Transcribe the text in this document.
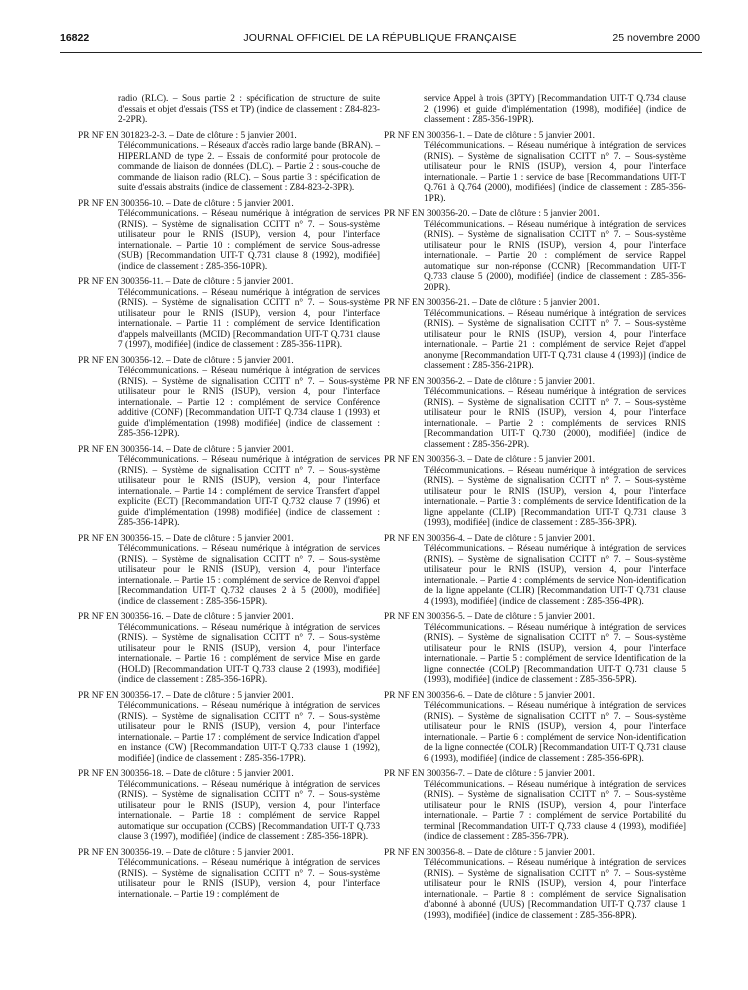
16822	JOURNAL OFFICIEL DE LA RÉPUBLIQUE FRANÇAISE	25 novembre 2000
radio (RLC). – Sous partie 2 : spécification de structure de suite d'essais et objet d'essais (TSS et TP) (indice de classement : Z84-823-2-2PR).
PR NF EN 301823-2-3. – Date de clôture : 5 janvier 2001.
Télécommunications. – Réseaux d'accès radio large bande (BRAN). – HIPERLAND de type 2. – Essais de conformité pour protocole de commande de liaison de données (DLC). – Partie 2 : sous-couche de commande de liaison radio (RLC). – Sous partie 3 : spécification de suite d'essais abstraits (indice de classement : Z84-823-2-3PR).
PR NF EN 300356-10. – Date de clôture : 5 janvier 2001.
Télécommunications. – Réseau numérique à intégration de services (RNIS). – Système de signalisation CCITT n° 7. – Sous-système utilisateur pour le RNIS (ISUP), version 4, pour l'interface internationale. – Partie 10 : complément de service Sous-adresse (SUB) [Recommandation UIT-T Q.731 clause 8 (1992), modifiée] (indice de classement : Z85-356-10PR).
PR NF EN 300356-11. – Date de clôture : 5 janvier 2001.
Télécommunications. – Réseau numérique à intégration de services (RNIS). – Système de signalisation CCITT n° 7. – Sous-système utilisateur pour le RNIS (ISUP), version 4, pour l'interface internationale. – Partie 11 : complément de service Identification d'appels malveillants (MCID) [Recommandation UIT-T Q.731 clause 7 (1997), modifiée] (indice de classement : Z85-356-11PR).
PR NF EN 300356-12. – Date de clôture : 5 janvier 2001.
Télécommunications. – Réseau numérique à intégration de services (RNIS). – Système de signalisation CCITT n° 7. – Sous-système utilisateur pour le RNIS (ISUP), version 4, pour l'interface internationale. – Partie 12 : complément de service Conférence additive (CONF) [Recommandation UIT-T Q.734 clause 1 (1993) et guide d'implémentation (1998) modifiée] (indice de classement : Z85-356-12PR).
PR NF EN 300356-14. – Date de clôture : 5 janvier 2001.
Télécommunications. – Réseau numérique à intégration de services (RNIS). – Système de signalisation CCITT n° 7. – Sous-système utilisateur pour le RNIS (ISUP), version 4, pour l'interface internationale. – Partie 14 : complément de service Transfert d'appel explicite (ECT) [Recommandation UIT-T Q.732 clause 7 (1996) et guide d'implémentation (1998) modifiée] (indice de classement : Z85-356-14PR).
PR NF EN 300356-15. – Date de clôture : 5 janvier 2001.
Télécommunications. – Réseau numérique à intégration de services (RNIS). – Système de signalisation CCITT n° 7. – Sous-système utilisateur pour le RNIS (ISUP), version 4, pour l'interface internationale. – Partie 15 : complément de service de Renvoi d'appel [Recommandation UIT-T Q.732 clauses 2 à 5 (2000), modifiée] (indice de classement : Z85-356-15PR).
PR NF EN 300356-16. – Date de clôture : 5 janvier 2001.
Télécommunications. – Réseau numérique à intégration de services (RNIS). – Système de signalisation CCITT n° 7. – Sous-système utilisateur pour le RNIS (ISUP), version 4, pour l'interface internationale. – Partie 16 : complément de service Mise en garde (HOLD) [Recommandation UIT-T Q.733 clause 2 (1993), modifiée] (indice de classement : Z85-356-16PR).
PR NF EN 300356-17. – Date de clôture : 5 janvier 2001.
Télécommunications. – Réseau numérique à intégration de services (RNIS). – Système de signalisation CCITT n° 7. – Sous-système utilisateur pour le RNIS (ISUP), version 4, pour l'interface internationale. – Partie 17 : complément de service Indication d'appel en instance (CW) [Recommandation UIT-T Q.733 clause 1 (1992), modifiée] (indice de classement : Z85-356-17PR).
PR NF EN 300356-18. – Date de clôture : 5 janvier 2001.
Télécommunications. – Réseau numérique à intégration de services (RNIS). – Système de signalisation CCITT n° 7. – Sous-système utilisateur pour le RNIS (ISUP), version 4, pour l'interface internationale. – Partie 18 : complément de service Rappel automatique sur occupation (CCBS) [Recommandation UIT-T Q.733 clause 3 (1997), modifiée] (indice de classement : Z85-356-18PR).
PR NF EN 300356-19. – Date de clôture : 5 janvier 2001.
Télécommunications. – Réseau numérique à intégration de services (RNIS). – Système de signalisation CCITT n° 7. – Sous-système utilisateur pour le RNIS (ISUP), version 4, pour l'interface internationale. – Partie 19 : complément de
service Appel à trois (3PTY) [Recommandation UIT-T Q.734 clause 2 (1996) et guide d'implémentation (1998), modifiée] (indice de classement : Z85-356-19PR).
PR NF EN 300356-1. – Date de clôture : 5 janvier 2001.
Télécommunications. – Réseau numérique à intégration de services (RNIS). – Système de signalisation CCITT n° 7. – Sous-système utilisateur pour le RNIS (ISUP), version 4, pour l'interface internationale. – Partie 1 : service de base [Recommandations UIT-T Q.761 à Q.764 (2000), modifiées] (indice de classement : Z85-356-1PR).
PR NF EN 300356-20. – Date de clôture : 5 janvier 2001.
Télécommunications. – Réseau numérique à intégration de services (RNIS). – Système de signalisation CCITT n° 7. – Sous-système utilisateur pour le RNIS (ISUP), version 4, pour l'interface internationale. – Partie 20 : complément de service Rappel automatique sur non-réponse (CCNR) [Recommandation UIT-T Q.733 clause 5 (2000), modifiée] (indice de classement : Z85-356-20PR).
PR NF EN 300356-21. – Date de clôture : 5 janvier 2001.
Télécommunications. – Réseau numérique à intégration de services (RNIS). – Système de signalisation CCITT n° 7. – Sous-système utilisateur pour le RNIS (ISUP), version 4, pour l'interface internationale. – Partie 21 : complément de service Rejet d'appel anonyme [Recommandation UIT-T Q.731 clause 4 (1993)] (indice de classement : Z85-356-21PR).
PR NF EN 300356-2. – Date de clôture : 5 janvier 2001.
Télécommunications. – Réseau numérique à intégration de services (RNIS). – Système de signalisation CCITT n° 7. – Sous-système utilisateur pour le RNIS (ISUP), version 4, pour l'interface internationale. – Partie 2 : compléments de services RNIS [Recommandation UIT-T Q.730 (2000), modifiée] (indice de classement : Z85-356-2PR).
PR NF EN 300356-3. – Date de clôture : 5 janvier 2001.
Télécommunications. – Réseau numérique à intégration de services (RNIS). – Système de signalisation CCITT n° 7. – Sous-système utilisateur pour le RNIS (ISUP), version 4, pour l'interface internationale. – Partie 3 : compléments de service Identification de la ligne appelante (CLIP) [Recommandation UIT-T Q.731 clause 3 (1993), modifiée] (indice de classement : Z85-356-3PR).
PR NF EN 300356-4. – Date de clôture : 5 janvier 2001.
Télécommunications. – Réseau numérique à intégration de services (RNIS). – Système de signalisation CCITT n° 7. – Sous-système utilisateur pour le RNIS (ISUP), version 4, pour l'interface internationale. – Partie 4 : compléments de service Non-identification de la ligne appelante (CLIR) [Recommandation UIT-T Q.731 clause 4 (1993), modifiée] (indice de classement : Z85-356-4PR).
PR NF EN 300356-5. – Date de clôture : 5 janvier 2001.
Télécommunications. – Réseau numérique à intégration de services (RNIS). – Système de signalisation CCITT n° 7. – Sous-système utilisateur pour le RNIS (ISUP), version 4, pour l'interface internationale. – Partie 5 : complément de service Identification de la ligne connectée (COLP) [Recommandation UIT-T Q.731 clause 5 (1993), modifiée] (indice de classement : Z85-356-5PR).
PR NF EN 300356-6. – Date de clôture : 5 janvier 2001.
Télécommunications. – Réseau numérique à intégration de services (RNIS). – Système de signalisation CCITT n° 7. – Sous-système utilisateur pour le RNIS (ISUP), version 4, pour l'interface internationale. – Partie 6 : complément de service Non-identification de la ligne connectée (COLR) [Recommandation UIT-T Q.731 clause 6 (1993), modifiée] (indice de classement : Z85-356-6PR).
PR NF EN 300356-7. – Date de clôture : 5 janvier 2001.
Télécommunications. – Réseau numérique à intégration de services (RNIS). – Système de signalisation CCITT n° 7. – Sous-système utilisateur pour le RNIS (ISUP), version 4, pour l'interface internationale. – Partie 7 : complément de service Portabilité du terminal [Recommandation UIT-T Q.733 clause 4 (1993), modifiée] (indice de classement : Z85-356-7PR).
PR NF EN 300356-8. – Date de clôture : 5 janvier 2001.
Télécommunications. – Réseau numérique à intégration de services (RNIS). – Système de signalisation CCITT n° 7. – Sous-système utilisateur pour le RNIS (ISUP), version 4, pour l'interface internationale. – Partie 8 : complément de service Signalisation d'abonné à abonné (UUS) [Recommandation UIT-T Q.737 clause 1 (1993), modifiée] (indice de classement : Z85-356-8PR).
